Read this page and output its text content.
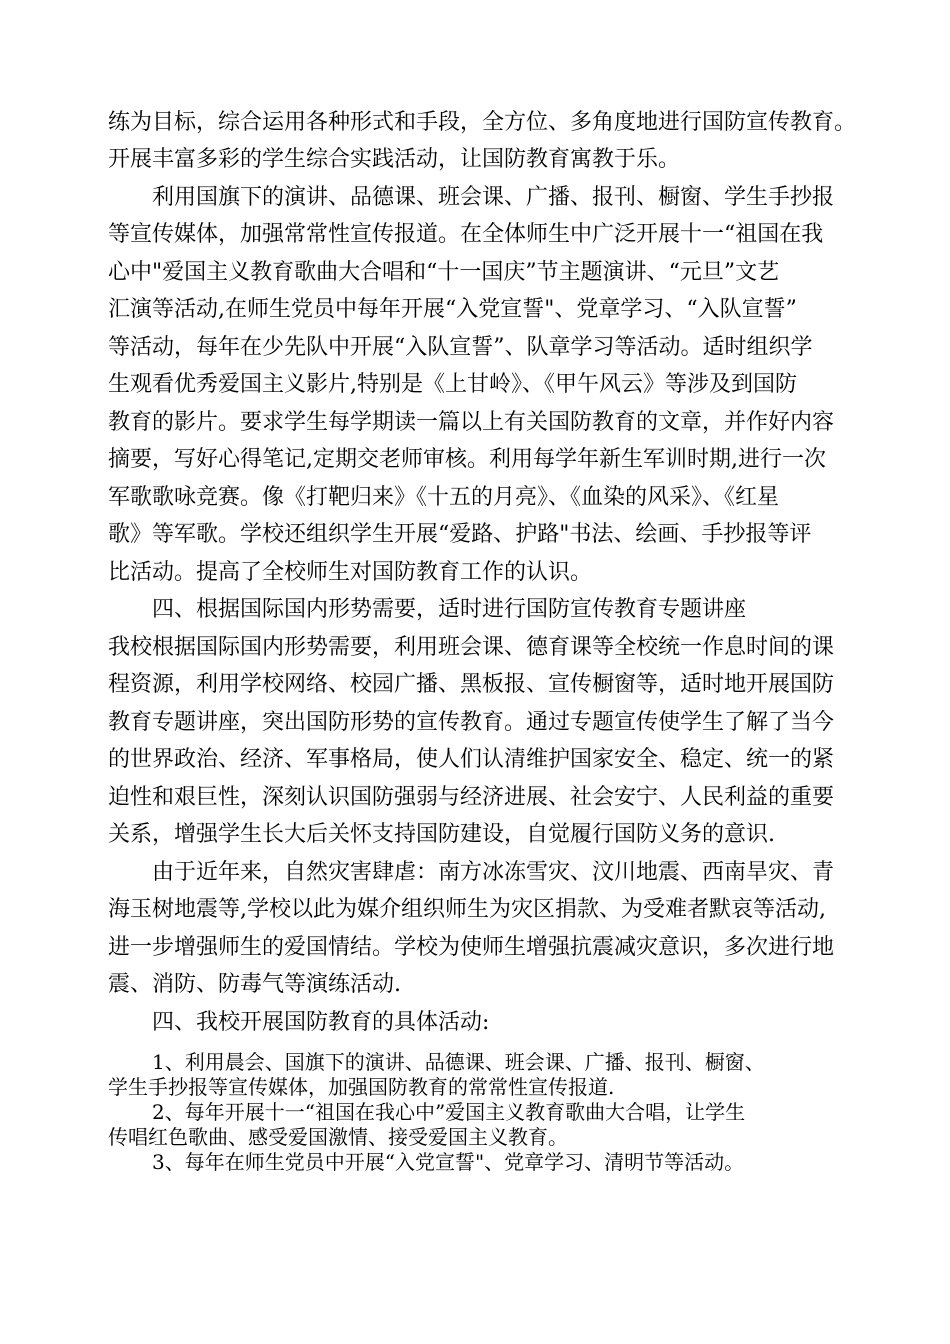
练为目标，综合运用各种形式和手段，全方位、多角度地进行国防宣传教育。

开展丰富多彩的学生综合实践活动，让国防教育寓教于乐。

利用国旗下的演讲、品德课、班会课、广播、报刊、橱窗、学生手抄报

等宣传媒体，加强常常性宣传报道。在全体师生中广泛开展十一“祖国在我

心中"爱国主义教育歌曲大合唱和“十一国庆”节主题演讲、“元旦”文艺

汇演等活动,在师生党员中每年开展“入党宣誓"、党章学习、“入队宣誓”

等活动，每年在少先队中开展“入队宣誓”、队章学习等活动。适时组织学

生观看优秀爱国主义影片,特别是《上甘岭》、《甲午风云》等涉及到国防

教育的影片。要求学生每学期读一篇以上有关国防教育的文章，并作好内容

摘要，写好心得笔记,定期交老师审核。利用每学年新生军训时期,进行一次

军歌歌咏竞赛。像《打靶归来》《十五的月亮》、《血染的风采》、《红星

歌》等军歌。学校还组织学生开展“爱路、护路"书法、绘画、手抄报等评

比活动。提高了全校师生对国防教育工作的认识。

四、根据国际国内形势需要，适时进行国防宣传教育专题讲座

我校根据国际国内形势需要，利用班会课、德育课等全校统一作息时间的课

程资源，利用学校网络、校园广播、黑板报、宣传橱窗等，适时地开展国防

教育专题讲座，突出国防形势的宣传教育。通过专题宣传使学生了解了当今

的世界政治、经济、军事格局，使人们认清维护国家安全、稳定、统一的紧

迫性和艰巨性，深刻认识国防强弱与经济进展、社会安宁、人民利益的重要

关系，增强学生长大后关怀支持国防建设，自觉履行国防义务的意识.

由于近年来，自然灾害肆虐：南方冰冻雪灾、汶川地震、西南旱灾、青

海玉树地震等,学校以此为媒介组织师生为灾区捐款、为受难者默哀等活动,

进一步增强师生的爱国情结。学校为使师生增强抗震减灾意识，多次进行地

震、消防、防毒气等演练活动.

四、我校开展国防教育的具体活动:

1、利用晨会、国旗下的演讲、品德课、班会课、广播、报刊、橱窗、

学生手抄报等宣传媒体，加强国防教育的常常性宣传报道.

2、每年开展十一“祖国在我心中”爱国主义教育歌曲大合唱，让学生

传唱红色歌曲、感受爱国激情、接受爱国主义教育。

3、每年在师生党员中开展“入党宣誓"、党章学习、清明节等活动。
